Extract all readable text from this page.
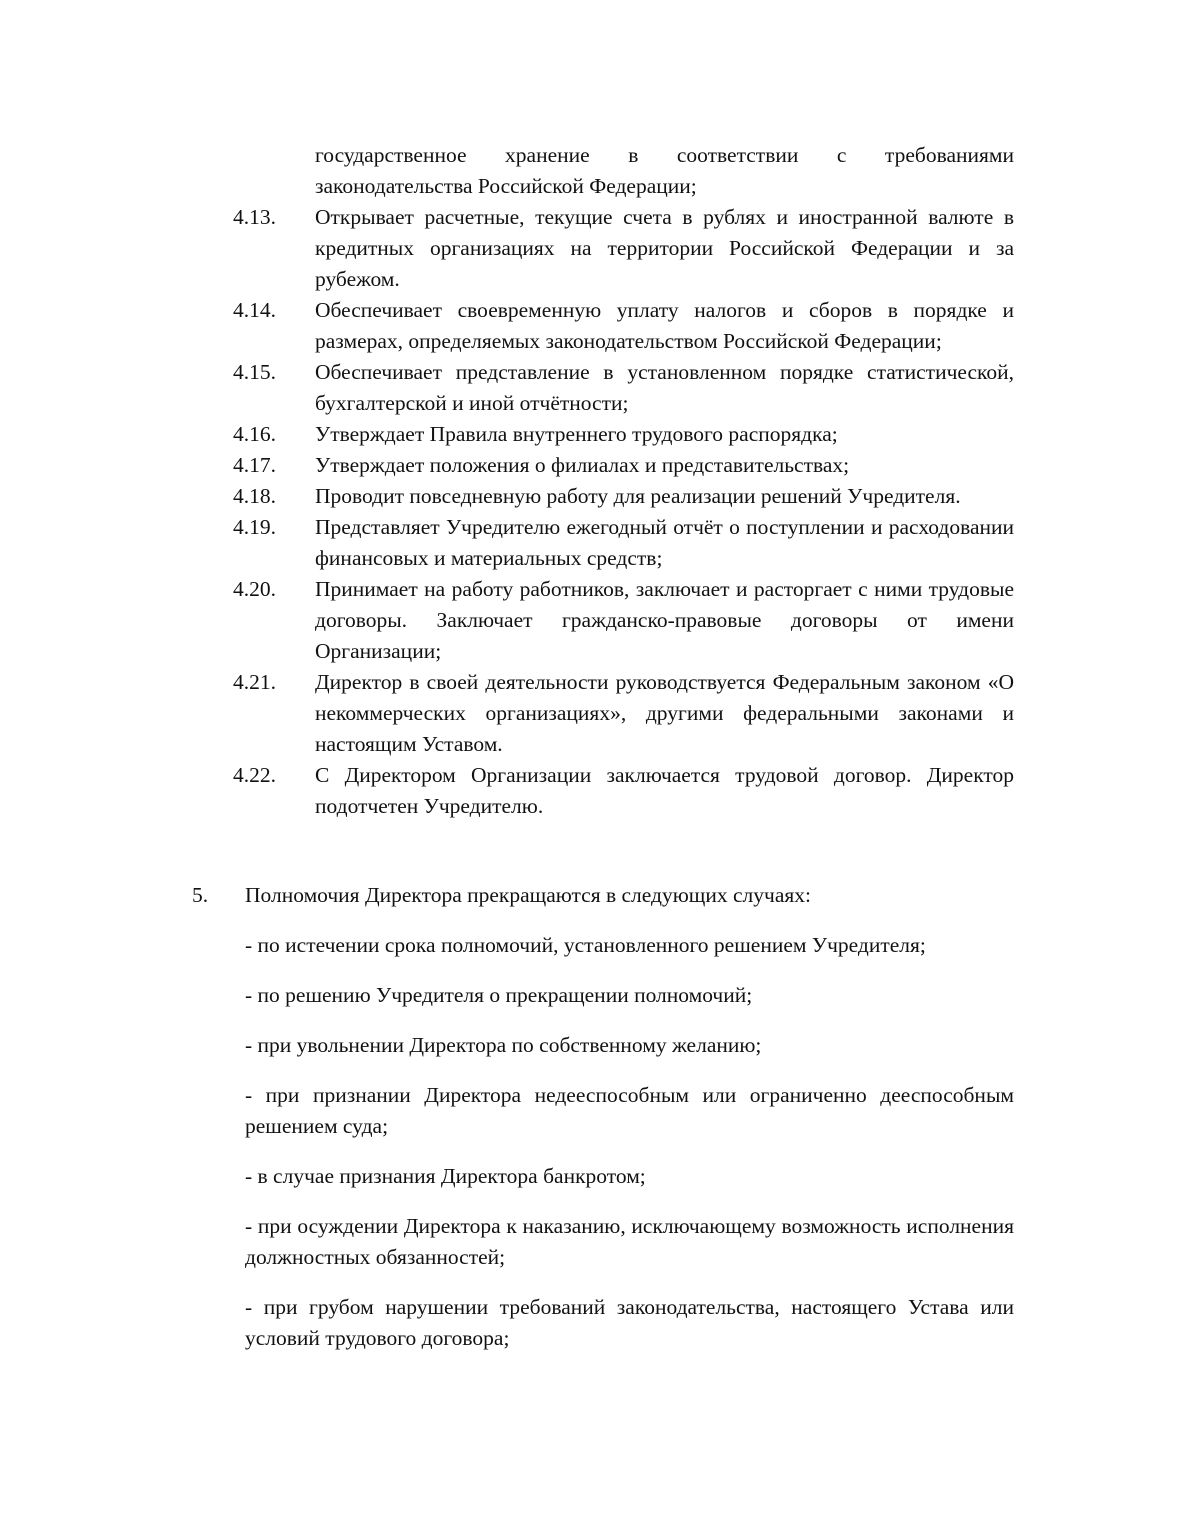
государственное хранение в соответствии с требованиями
законодательства Российской Федерации;
4.13.	Открывает расчетные, текущие счета в рублях и иностранной валюте в кредитных организациях на территории Российской Федерации и за рубежом.
4.14.	Обеспечивает своевременную уплату налогов и сборов в порядке и размерах, определяемых законодательством Российской Федерации;
4.15.	Обеспечивает представление в установленном порядке статистической, бухгалтерской и иной отчётности;
4.16.	Утверждает Правила внутреннего трудового распорядка;
4.17.	Утверждает положения о филиалах и представительствах;
4.18.	Проводит повседневную работу для реализации решений Учредителя.
4.19.	Представляет Учредителю ежегодный отчёт о поступлении и расходовании финансовых и материальных средств;
4.20.	Принимает на работу работников, заключает и расторгает с ними трудовые договоры. Заключает гражданско-правовые договоры от имени Организации;
4.21.	Директор в своей деятельности руководствуется Федеральным законом «О некоммерческих организациях», другими федеральными законами и настоящим Уставом.
4.22.	С Директором Организации заключается трудовой договор. Директор подотчетен Учредителю.
5.	Полномочия Директора прекращаются в следующих случаях:
- по истечении срока полномочий, установленного решением Учредителя;
- по решению Учредителя о прекращении полномочий;
- при увольнении Директора по собственному желанию;
- при признании Директора недееспособным или ограниченно дееспособным решением суда;
- в случае признания Директора банкротом;
- при осуждении Директора к наказанию, исключающему возможность исполнения должностных обязанностей;
- при грубом нарушении требований законодательства, настоящего Устава или условий трудового договора;
